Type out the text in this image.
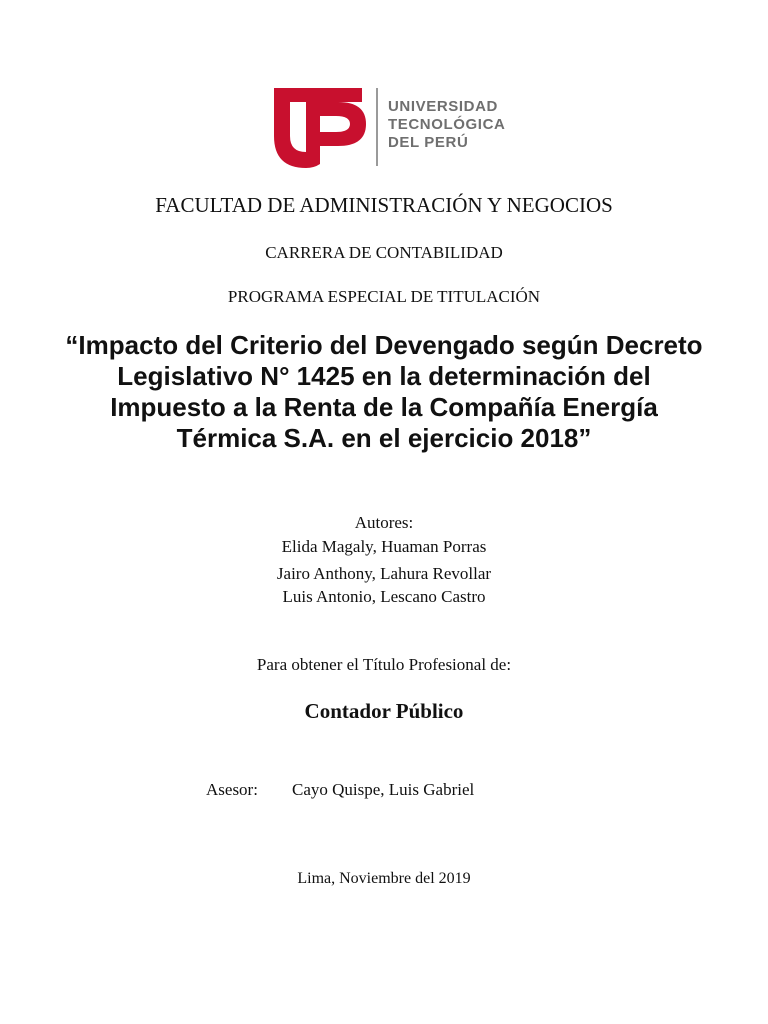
UNIVERSIDAD
TECNOLÓGICA
DEL PERÚ
FACULTAD DE ADMINISTRACIÓN Y NEGOCIOS
CARRERA DE CONTABILIDAD
PROGRAMA ESPECIAL DE TITULACIÓN
“Impacto del Criterio del Devengado según Decreto Legislativo N° 1425 en la determinación del Impuesto a la Renta de la Compañía Energía Térmica S.A. en el ejercicio 2018”
Autores:
Elida Magaly, Huaman Porras
Jairo Anthony, Lahura Revollar
Luis Antonio, Lescano Castro
Para obtener el Título Profesional de:
Contador Público
Asesor: Cayo Quispe, Luis Gabriel
Lima, Noviembre del 2019
